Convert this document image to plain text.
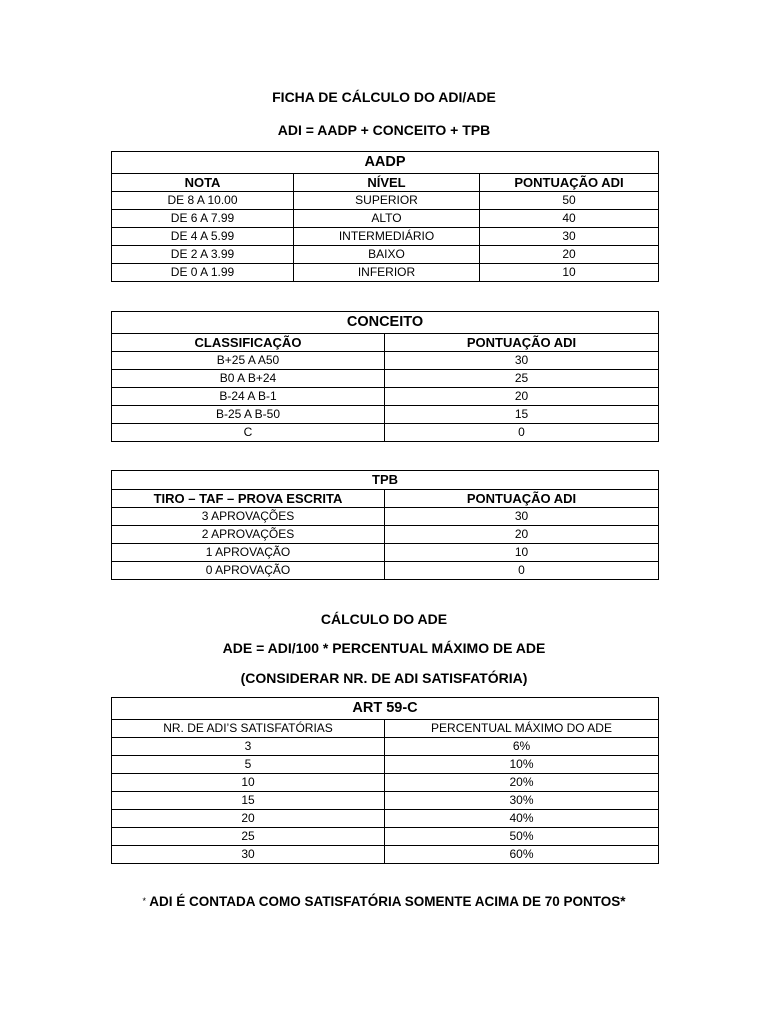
FICHA DE CÁLCULO DO ADI/ADE
ADI = AADP + CONCEITO + TPB
AADP		
NOTA	NÍVEL	PONTUAÇÃO ADI
DE 8 A 10.00	SUPERIOR	50
DE 6 A 7.99	ALTO	40
DE 4 A 5.99	INTERMEDIÁRIO	30
DE 2 A 3.99	BAIXO	20
DE 0 A 1.99	INFERIOR	10
CONCEITO	
CLASSIFICAÇÃO	PONTUAÇÃO ADI
B+25 A A50	30
B0 A B+24	25
B-24 A B-1	20
B-25 A B-50	15
C	0
TPB	
TIRO – TAF – PROVA ESCRITA	PONTUAÇÃO ADI
3 APROVAÇÕES	30
2 APROVAÇÕES	20
1 APROVAÇÃO	10
0 APROVAÇÃO	0
CÁLCULO DO ADE
ADE = ADI/100 * PERCENTUAL MÁXIMO DE ADE
(CONSIDERAR NR. DE ADI SATISFATÓRIA)
ART 59-C	
NR. DE ADI’S SATISFATÓRIAS	PERCENTUAL MÁXIMO DO ADE
3	6%
5	10%
10	20%
15	30%
20	40%
25	50%
30	60%
* ADI É CONTADA COMO SATISFATÓRIA SOMENTE ACIMA DE 70 PONTOS*
